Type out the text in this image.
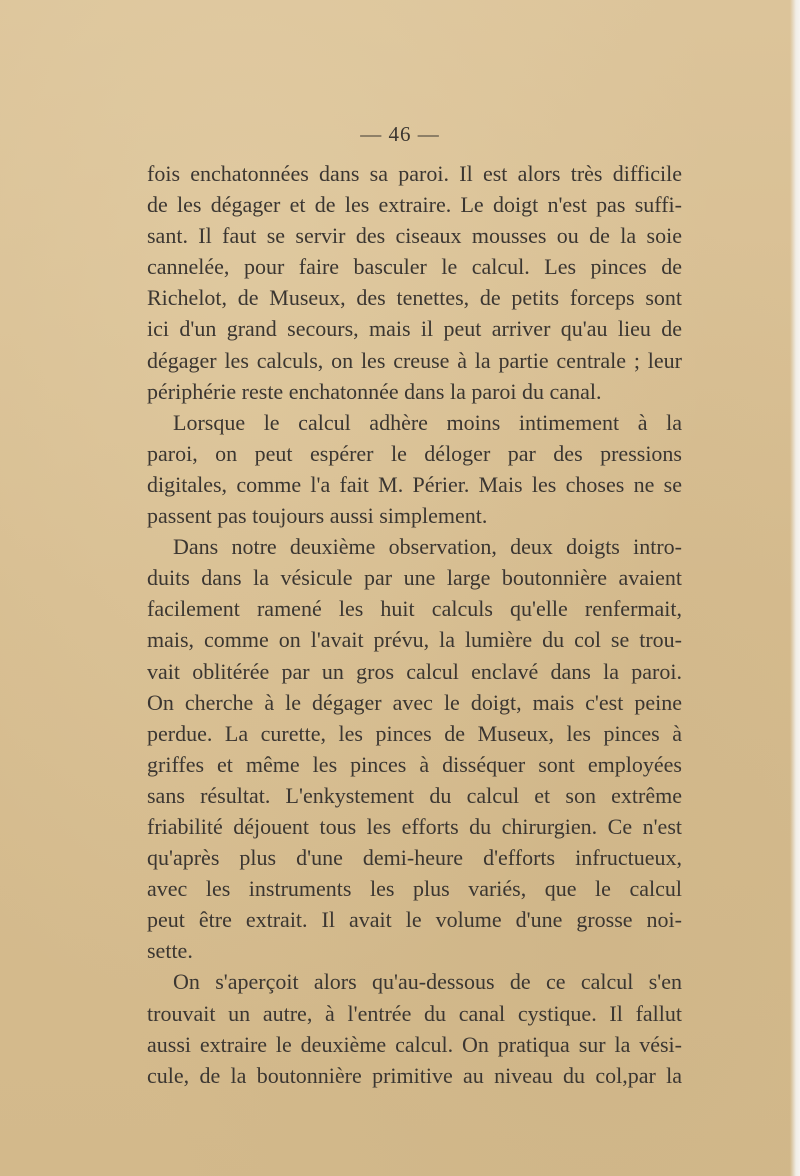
— 46 —
fois enchatonnées dans sa paroi. Il est alors très difficile
de les dégager et de les extraire. Le doigt n'est pas suffi-
sant. Il faut se servir des ciseaux mousses ou de la soie
cannelée, pour faire basculer le calcul. Les pinces de
Richelot, de Museux, des tenettes, de petits forceps sont
ici d'un grand secours, mais il peut arriver qu'au lieu de
dégager les calculs, on les creuse à la partie centrale ; leur
périphérie reste enchatonnée dans la paroi du canal.
Lorsque le calcul adhère moins intimement à la
paroi, on peut espérer le déloger par des pressions
digitales, comme l'a fait M. Périer. Mais les choses ne se
passent pas toujours aussi simplement.
Dans notre deuxième observation, deux doigts intro-
duits dans la vésicule par une large boutonnière avaient
facilement ramené les huit calculs qu'elle renfermait,
mais, comme on l'avait prévu, la lumière du col se trou-
vait oblitérée par un gros calcul enclavé dans la paroi.
On cherche à le dégager avec le doigt, mais c'est peine
perdue. La curette, les pinces de Museux, les pinces à
griffes et même les pinces à disséquer sont employées
sans résultat. L'enkystement du calcul et son extrême
friabilité déjouent tous les efforts du chirurgien. Ce n'est
qu'après plus d'une demi-heure d'efforts infructueux,
avec les instruments les plus variés, que le calcul
peut être extrait. Il avait le volume d'une grosse noi-
sette.
On s'aperçoit alors qu'au-dessous de ce calcul s'en
trouvait un autre, à l'entrée du canal cystique. Il fallut
aussi extraire le deuxième calcul. On pratiqua sur la vési-
cule, de la boutonnière primitive au niveau du col,par la
